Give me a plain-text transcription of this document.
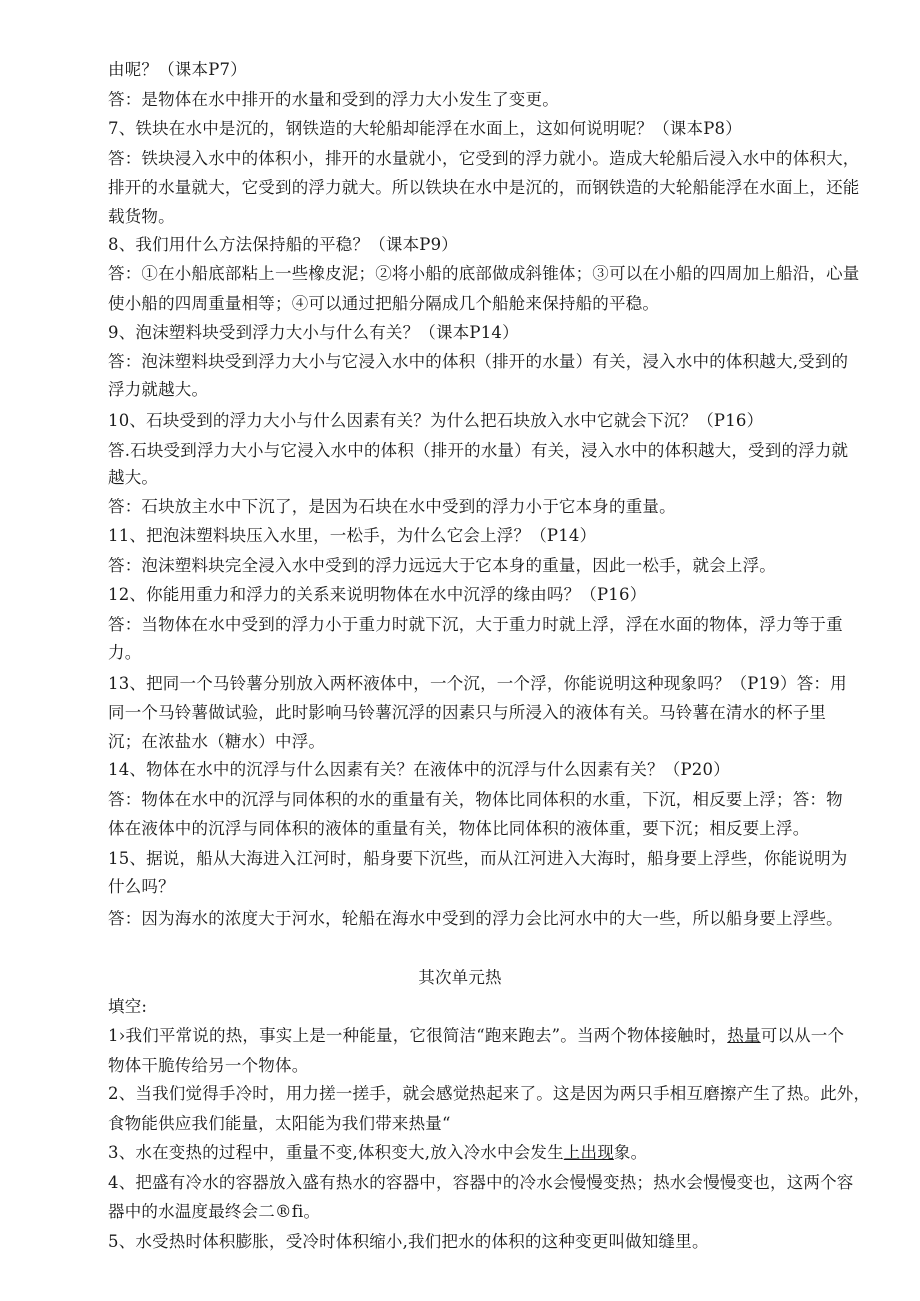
由呢？（课本P7）
答：是物体在水中排开的水量和受到的浮力大小发生了变更。
7、铁块在水中是沉的，钢铁造的大轮船却能浮在水面上，这如何说明呢？（课本P8）
答：铁块浸入水中的体积小，排开的水量就小，它受到的浮力就小。造成大轮船后浸入水中的体积大，
排开的水量就大，它受到的浮力就大。所以铁块在水中是沉的，而钢铁造的大轮船能浮在水面上，还能
载货物。
8、我们用什么方法保持船的平稳？（课本P9）
答：①在小船底部粘上一些橡皮泥；②将小船的底部做成斜锥体；③可以在小船的四周加上船沿，心量
使小船的四周重量相等；④可以通过把船分隔成几个船舱来保持船的平稳。
9、泡沫塑料块受到浮力大小与什么有关？（课本P14）
答：泡沫塑料块受到浮力大小与它浸入水中的体积（排开的水量）有关，浸入水中的体积越大,受到的
浮力就越大。
10、石块受到的浮力大小与什么因素有关？为什么把石块放入水中它就会下沉？（P16）
答.石块受到浮力大小与它浸入水中的体积（排开的水量）有关，浸入水中的体积越大，受到的浮力就
越大。
答：石块放主水中下沉了，是因为石块在水中受到的浮力小于它本身的重量。
11、把泡沫塑料块压入水里，一松手，为什么它会上浮？（P14）
答：泡沫塑料块完全浸入水中受到的浮力远远大于它本身的重量，因此一松手，就会上浮。
12、你能用重力和浮力的关系来说明物体在水中沉浮的缘由吗？（P16）
答：当物体在水中受到的浮力小于重力时就下沉，大于重力时就上浮，浮在水面的物体，浮力等于重
力。
13、把同一个马铃薯分别放入两杯液体中，一个沉，一个浮，你能说明这种现象吗？（P19）答：用
同一个马铃薯做试验，此时影响马铃薯沉浮的因素只与所浸入的液体有关。马铃薯在清水的杯子里
沉；在浓盐水（糖水）中浮。
14、物体在水中的沉浮与什么因素有关？在液体中的沉浮与什么因素有关？（P20）
答：物体在水中的沉浮与同体积的水的重量有关，物体比同体积的水重，下沉，相反要上浮；答：物
体在液体中的沉浮与同体积的液体的重量有关，物体比同体积的液体重，要下沉；相反要上浮。
15、据说，船从大海进入江河时，船身要下沉些，而从江河进入大海时，船身要上浮些，你能说明为
什么吗？
答：因为海水的浓度大于河水，轮船在海水中受到的浮力会比河水中的大一些，所以船身要上浮些。
其次单元热
填空:
1›我们平常说的热，事实上是一种能量，它很简洁“跑来跑去”。当两个物体接触时，热量可以从一个
物体干脆传给另一个物体。
2、当我们觉得手冷时，用力搓一搓手，就会感觉热起来了。这是因为两只手相互磨擦产生了热。此外，
食物能供应我们能量，太阳能为我们带来热量“
3、水在变热的过程中，重量不变,体积变大,放入冷水中会发生上出现象。
4、把盛有冷水的容器放入盛有热水的容器中，容器中的冷水会慢慢变热；热水会慢慢变也，这两个容
器中的水温度最终会二®fi。
5、水受热时体积膨胀，受冷时体积缩小,我们把水的体积的这种变更叫做知缝里。
